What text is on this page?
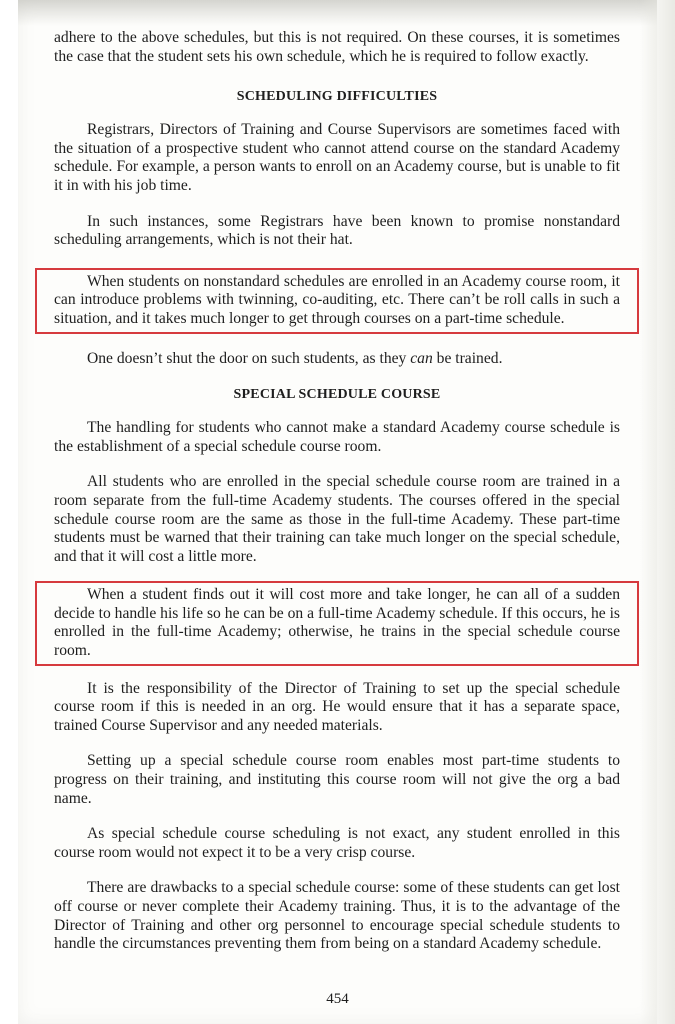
adhere to the above schedules, but this is not required. On these courses, it is sometimes the case that the student sets his own schedule, which he is required to follow exactly.

SCHEDULING DIFFICULTIES

Registrars, Directors of Training and Course Supervisors are sometimes faced with the situation of a prospective student who cannot attend course on the standard Academy schedule. For example, a person wants to enroll on an Academy course, but is unable to fit it in with his job time.

In such instances, some Registrars have been known to promise nonstandard scheduling arrangements, which is not their hat.

When students on nonstandard schedules are enrolled in an Academy course room, it can introduce problems with twinning, co-auditing, etc. There can’t be roll calls in such a situation, and it takes much longer to get through courses on a part-time schedule.

One doesn’t shut the door on such students, as they can be trained.

SPECIAL SCHEDULE COURSE

The handling for students who cannot make a standard Academy course schedule is the establishment of a special schedule course room.

All students who are enrolled in the special schedule course room are trained in a room separate from the full-time Academy students. The courses offered in the special schedule course room are the same as those in the full-time Academy. These part-time students must be warned that their training can take much longer on the special schedule, and that it will cost a little more.

When a student finds out it will cost more and take longer, he can all of a sudden decide to handle his life so he can be on a full-time Academy schedule. If this occurs, he is enrolled in the full-time Academy; otherwise, he trains in the special schedule course room.

It is the responsibility of the Director of Training to set up the special schedule course room if this is needed in an org. He would ensure that it has a separate space, trained Course Supervisor and any needed materials.

Setting up a special schedule course room enables most part-time students to progress on their training, and instituting this course room will not give the org a bad name.

As special schedule course scheduling is not exact, any student enrolled in this course room would not expect it to be a very crisp course.

There are drawbacks to a special schedule course: some of these students can get lost off course or never complete their Academy training. Thus, it is to the advantage of the Director of Training and other org personnel to encourage special schedule students to handle the circumstances preventing them from being on a standard Academy schedule.

454
